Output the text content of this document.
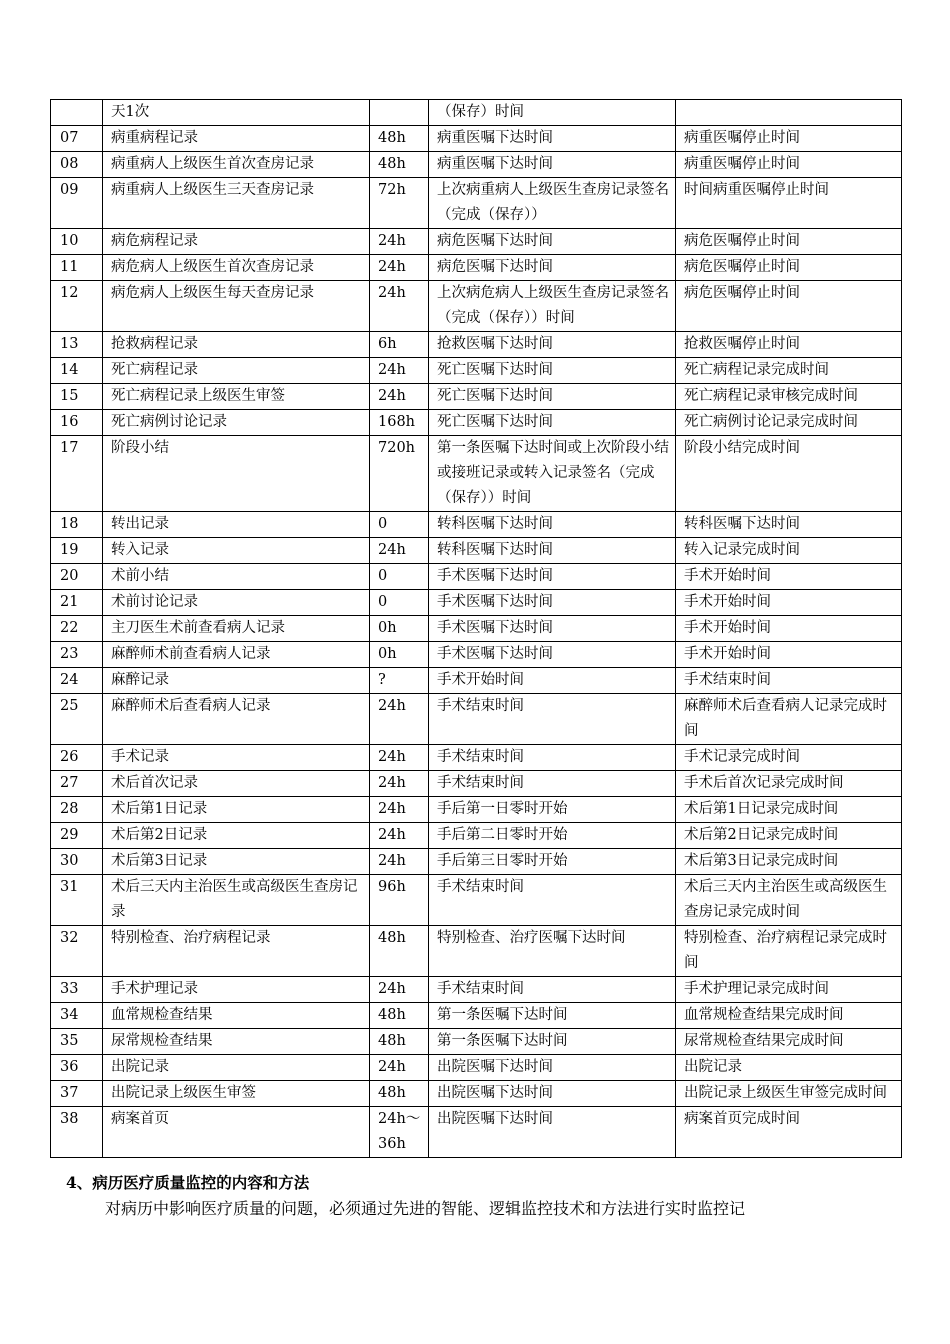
	天1次		（保存）时间	
07	病重病程记录	48h	病重医嘱下达时间	病重医嘱停止时间
08	病重病人上级医生首次查房记录	48h	病重医嘱下达时间	病重医嘱停止时间
09	病重病人上级医生三天查房记录	72h	上次病重病人上级医生查房记录签名（完成（保存））	时间病重医嘱停止时间
10	病危病程记录	24h	病危医嘱下达时间	病危医嘱停止时间
11	病危病人上级医生首次查房记录	24h	病危医嘱下达时间	病危医嘱停止时间
12	病危病人上级医生每天查房记录	24h	上次病危病人上级医生查房记录签名（完成（保存））时间	病危医嘱停止时间
13	抢救病程记录	6h	抢救医嘱下达时间	抢救医嘱停止时间
14	死亡病程记录	24h	死亡医嘱下达时间	死亡病程记录完成时间
15	死亡病程记录上级医生审签	24h	死亡医嘱下达时间	死亡病程记录审核完成时间
16	死亡病例讨论记录	168h	死亡医嘱下达时间	死亡病例讨论记录完成时间
17	阶段小结	720h	第一条医嘱下达时间或上次阶段小结或接班记录或转入记录签名（完成（保存））时间	阶段小结完成时间
18	转出记录	0	转科医嘱下达时间	转科医嘱下达时间
19	转入记录	24h	转科医嘱下达时间	转入记录完成时间
20	术前小结	0	手术医嘱下达时间	手术开始时间
21	术前讨论记录	0	手术医嘱下达时间	手术开始时间
22	主刀医生术前查看病人记录	0h	手术医嘱下达时间	手术开始时间
23	麻醉师术前查看病人记录	0h	手术医嘱下达时间	手术开始时间
24	麻醉记录	?	手术开始时间	手术结束时间
25	麻醉师术后查看病人记录	24h	手术结束时间	麻醉师术后查看病人记录完成时间
26	手术记录	24h	手术结束时间	手术记录完成时间
27	术后首次记录	24h	手术结束时间	手术后首次记录完成时间
28	术后第1日记录	24h	手后第一日零时开始	术后第1日记录完成时间
29	术后第2日记录	24h	手后第二日零时开始	术后第2日记录完成时间
30	术后第3日记录	24h	手后第三日零时开始	术后第3日记录完成时间
31	术后三天内主治医生或高级医生查房记录	96h	手术结束时间	术后三天内主治医生或高级医生查房记录完成时间
32	特别检查、治疗病程记录	48h	特别检查、治疗医嘱下达时间	特别检查、治疗病程记录完成时间
33	手术护理记录	24h	手术结束时间	手术护理记录完成时间
34	血常规检查结果	48h	第一条医嘱下达时间	血常规检查结果完成时间
35	尿常规检查结果	48h	第一条医嘱下达时间	尿常规检查结果完成时间
36	出院记录	24h	出院医嘱下达时间	出院记录
37	出院记录上级医生审签	48h	出院医嘱下达时间	出院记录上级医生审签完成时间
38	病案首页	24h～36h	出院医嘱下达时间	病案首页完成时间
4、病历医疗质量监控的内容和方法
对病历中影响医疗质量的问题，必须通过先进的智能、逻辑监控技术和方法进行实时监控记
